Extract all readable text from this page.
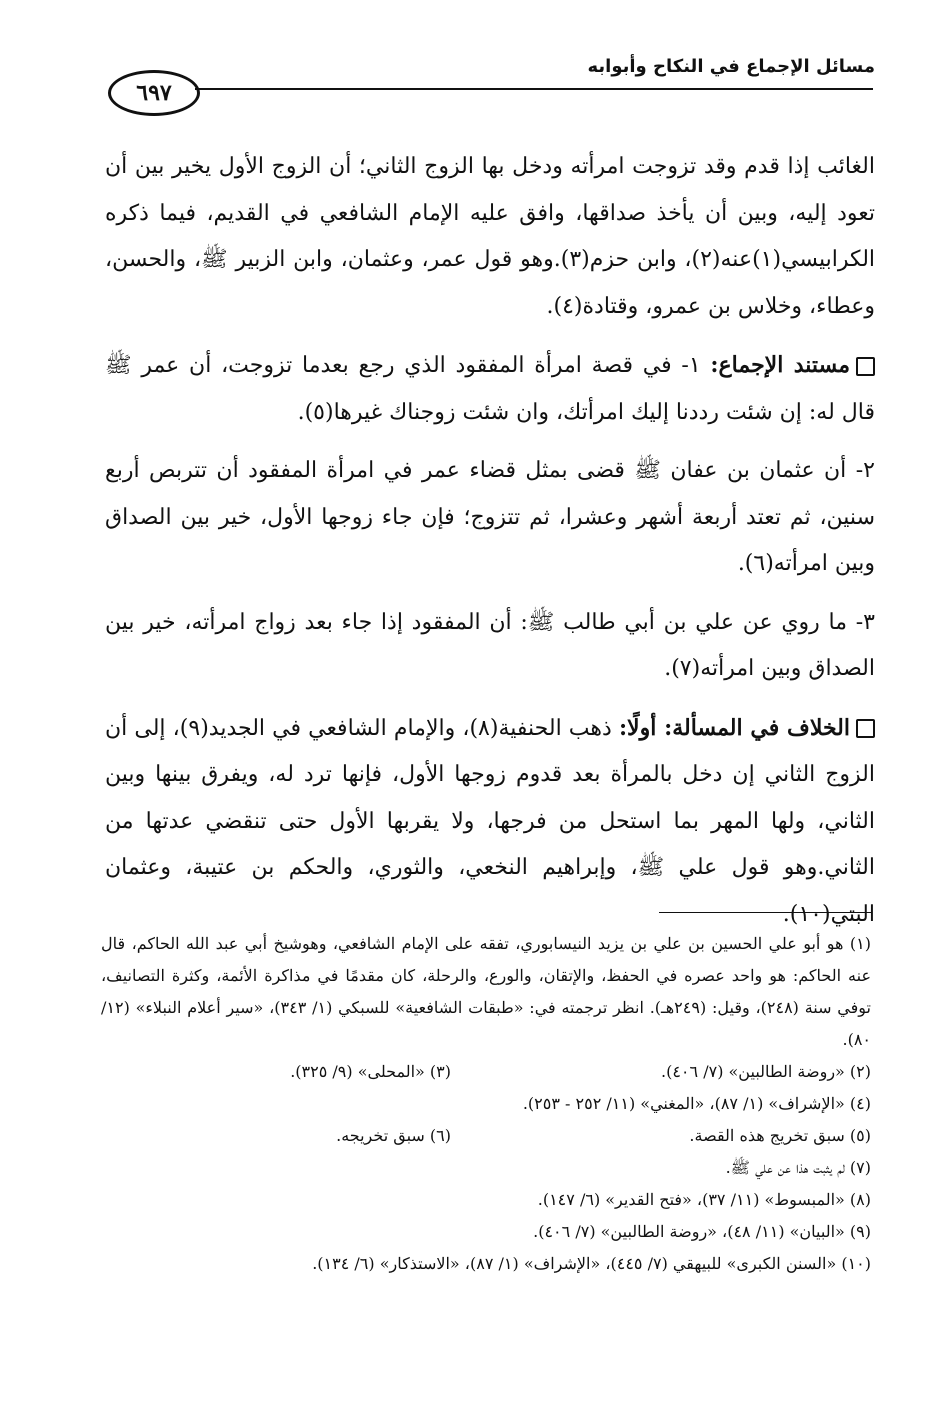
مسائل الإجماع في النكاح وأبوابه
٦٩٧

الغائب إذا قدم وقد تزوجت امرأته ودخل بها الزوج الثاني؛ أن الزوج الأول يخير بين أن تعود إليه، وبين أن يأخذ صداقها، وافق عليه الإمام الشافعي في القديم، فيما ذكره الكرابيسي(١)عنه(٢)، وابن حزم(٣).وهو قول عمر، وعثمان، وابن الزبير ﷺ، والحسن، وعطاء، وخلاس بن عمرو، وقتادة(٤).

مستند الإجماع: ١- في قصة امرأة المفقود الذي رجع بعدما تزوجت، أن عمر ﷺ قال له: إن شئت رددنا إليك امرأتك، وان شئت زوجناك غيرها(٥).

٢- أن عثمان بن عفان ﷺ قضى بمثل قضاء عمر في امرأة المفقود أن تتربص أربع سنين، ثم تعتد أربعة أشهر وعشرا، ثم تتزوج؛ فإن جاء زوجها الأول، خير بين الصداق وبين امرأته(٦).

٣- ما روي عن علي بن أبي طالب ﷺ: أن المفقود إذا جاء بعد زواج امرأته، خير بين الصداق وبين امرأته(٧).

الخلاف في المسألة: أولًا: ذهب الحنفية(٨)، والإمام الشافعي في الجديد(٩)، إلى أن الزوج الثاني إن دخل بالمرأة بعد قدوم زوجها الأول، فإنها ترد له، ويفرق بينها وبين الثاني، ولها المهر بما استحل من فرجها، ولا يقربها الأول حتى تنقضي عدتها من الثاني.وهو قول علي ﷺ، وإبراهيم النخعي، والثوري، والحكم بن عتيبة، وعثمان البتي(١٠).

(١) هو أبو علي الحسين بن علي بن يزيد النيسابوري، تفقه على الإمام الشافعي، وهوشيخ أبي عبد الله الحاكم، قال عنه الحاكم: هو واحد عصره في الحفظ، والإتقان، والورع، والرحلة، كان مقدمًا في مذاكرة الأئمة، وكثرة التصانيف، توفي سنة (٢٤٨)، وقيل: (٢٤٩هـ). انظر ترجمته في: «طبقات الشافعية» للسبكي (١/ ٣٤٣)، «سير أعلام النبلاء» (١٢/ ٨٠).

(٢) «روضة الطالبين» (٧/ ٤٠٦).

(٣) «المحلى» (٩/ ٣٢٥).

(٤) «الإشراف» (١/ ٨٧)، «المغني» (١١/ ٢٥٢ - ٢٥٣).

(٥) سبق تخريج هذه القصة.

(٦) سبق تخريجه.

(٧) لم يثبت هذا عن علي ﷺ.

(٨) «المبسوط» (١١/ ٣٧)، «فتح القدير» (٦/ ١٤٧).

(٩) «البيان» (١١/ ٤٨)، «روضة الطالبين» (٧/ ٤٠٦).

(١٠) «السنن الكبرى» للبيهقي (٧/ ٤٤٥)، «الإشراف» (١/ ٨٧)، «الاستذكار» (٦/ ١٣٤).
